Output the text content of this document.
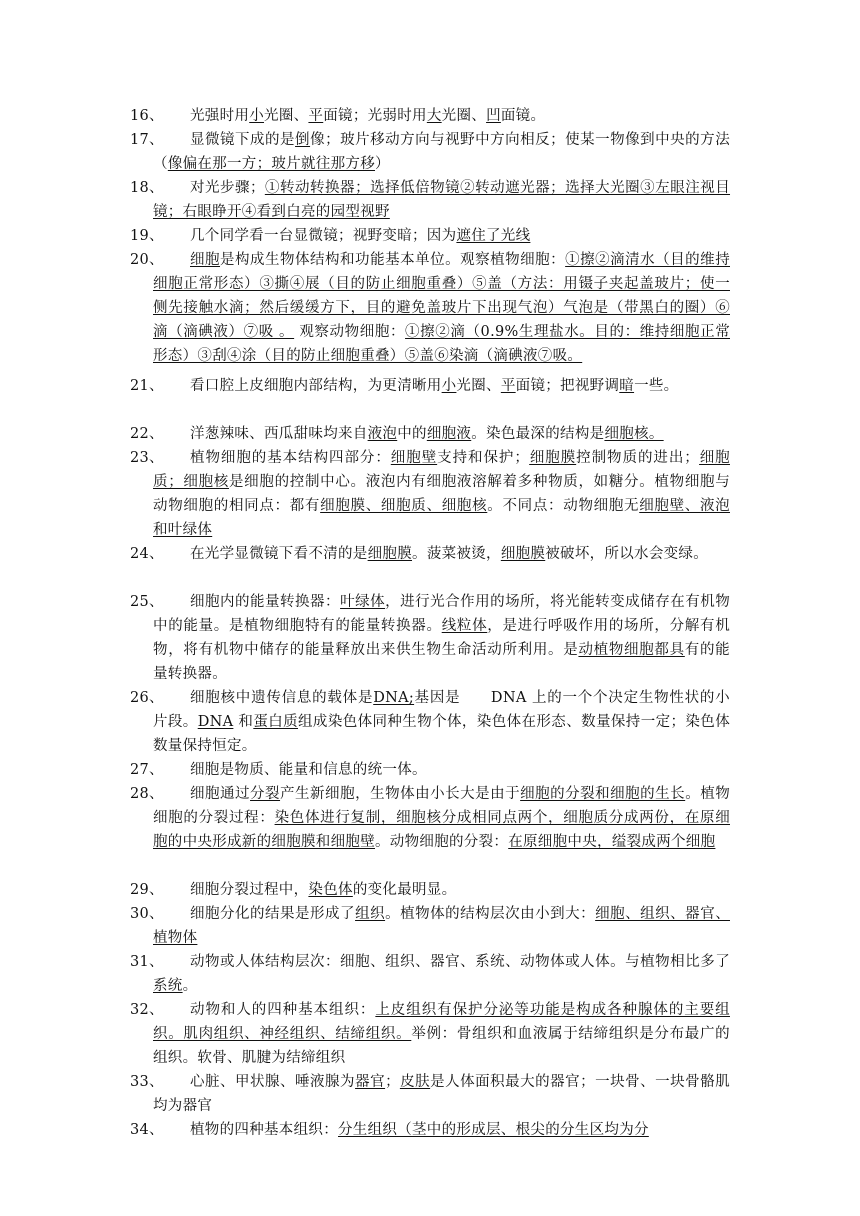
16、	光强时用小光圈、平面镜；光弱时用大光圈、凹面镜。
17、	显微镜下成的是倒像；玻片移动方向与视野中方向相反；使某一物像到中央的方法（像偏在那一方；玻片就往那方移）
18、	对光步骤；①转动转换器；选择低倍物镜②转动遮光器；选择大光圈③左眼注视目镜；右眼睁开④看到白亮的园型视野
19、	几个同学看一台显微镜；视野变暗；因为遮住了光线
20、	细胞是构成生物体结构和功能基本单位。观察植物细胞：①擦②滴清水（目的维持细胞正常形态）③撕④展（目的防止细胞重叠）⑤盖（方法：用镊子夹起盖玻片；使一侧先接触水滴；然后缓缓方下，目的避免盖玻片下出现气泡）气泡是（带黑白的圈）⑥滴（滴碘液）⑦吸 。 观察动物细胞：①擦②滴（0.9%生理盐水。目的：维持细胞正常形态）③刮④涂（目的防止细胞重叠）⑤盖⑥染滴（滴碘液⑦吸。
21、	看口腔上皮细胞内部结构，为更清晰用小光圈、平面镜；把视野调暗一些。
22、	洋葱辣味、西瓜甜味均来自液泡中的细胞液。染色最深的结构是细胞核。
23、	植物细胞的基本结构四部分：细胞壁支持和保护；细胞膜控制物质的进出；细胞质；细胞核是细胞的控制中心。液泡内有细胞液溶解着多种物质，如糖分。植物细胞与动物细胞的相同点：都有细胞膜、细胞质、细胞核。不同点：动物细胞无细胞壁、液泡和叶绿体
24、	在光学显微镜下看不清的是细胞膜。菠菜被烫，细胞膜被破坏，所以水会变绿。
25、	细胞内的能量转换器：叶绿体，进行光合作用的场所，将光能转变成储存在有机物　中的能量。是植物细胞特有的能量转换器。线粒体，是进行呼吸作用的场所，分解有机物，将有机物中储存的能量释放出来供生物生命活动所利用。是动植物细胞都具有的能量转换器。
26、	细胞核中遗传信息的载体是DNA;基因是　　DNA 上的一个个决定生物性状的小片段。DNA 和蛋白质组成染色体同种生物个体，染色体在形态、数量保持一定；染色体数量保持恒定。
27、	细胞是物质、能量和信息的统一体。
28、	细胞通过分裂产生新细胞，生物体由小长大是由于细胞的分裂和细胞的生长。植物细胞的分裂过程：染色体进行复制，细胞核分成相同点两个，细胞质分成两份，在原细胞的中央形成新的细胞膜和细胞壁。动物细胞的分裂：在原细胞中央，缢裂成两个细胞
29、	细胞分裂过程中，染色体的变化最明显。
30、	细胞分化的结果是形成了组织。植物体的结构层次由小到大：细胞、组织、器官、植物体
31、	动物或人体结构层次：细胞、组织、器官、系统、动物体或人体。与植物相比多了系统。
32、	动物和人的四种基本组织：上皮组织有保护分泌等功能是构成各种腺体的主要组织。肌肉组织、神经组织、结缔组织。举例：骨组织和血液属于结缔组织是分布最广的组织。软骨、肌腱为结缔组织
33、	心脏、甲状腺、唾液腺为器官；皮肤是人体面积最大的器官；一块骨、一块骨骼肌均为器官
34、	植物的四种基本组织：分生组织（茎中的形成层、根尖的分生区均为分
